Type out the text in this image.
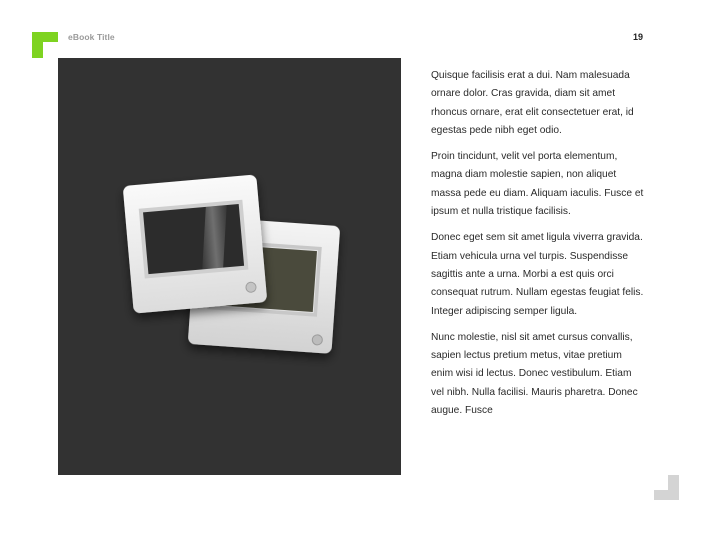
eBook Title	19

Quisque facilisis erat a dui. Nam malesuada ornare dolor. Cras gravida, diam sit amet rhoncus ornare, erat elit consectetuer erat, id egestas pede nibh eget odio.

Proin tincidunt, velit vel porta elementum, magna diam molestie sapien, non aliquet massa pede eu diam. Aliquam iaculis. Fusce et ipsum et nulla tristique facilisis.

Donec eget sem sit amet ligula viverra gravida. Etiam vehicula urna vel turpis. Suspendisse sagittis ante a urna. Morbi a est quis orci consequat rutrum. Nullam egestas feugiat felis. Integer adipiscing semper ligula.

Nunc molestie, nisl sit amet cursus convallis, sapien lectus pretium metus, vitae pretium enim wisi id lectus. Donec vestibulum. Etiam vel nibh. Nulla facilisi. Mauris pharetra. Donec augue. Fusce
